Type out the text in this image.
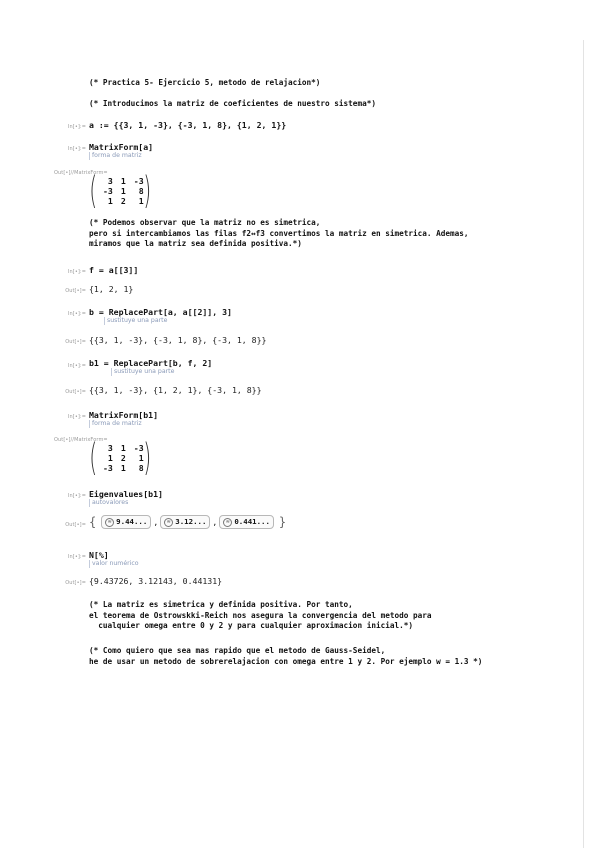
(* Practica 5- Ejercicio 5, metodo de relajacion*)
(* Introducimos la matriz de coeficientes de nuestro sistema*)
In[•]:= a := {{3, 1, -3}, {-3, 1, 8}, {1, 2, 1}}
In[•]:= MatrixForm[a]
forma de matriz
Out[•]//MatrixForm=
( 3	1	-3
-3	1	8
1	2	1 )
(* Podemos observar que la matriz no es simetrica,
pero si intercambiamos las filas f2↔f3 convertimos la matriz en simetrica. Ademas,
miramos que la matriz sea definida positiva.*)
In[•]:= f = a[[3]]
Out[•]= {1, 2, 1}
In[•]:= b = ReplacePart[a, a[[2]], 3]
sustituye una parte
Out[•]= {{3, 1, -3}, {-3, 1, 8}, {-3, 1, 8}}
In[•]:= b1 = ReplacePart[b, f, 2]
sustituye una parte
Out[•]= {{3, 1, -3}, {1, 2, 1}, {-3, 1, 8}}
In[•]:= MatrixForm[b1]
forma de matriz
Out[•]//MatrixForm=
( 3	1	-3
1	2	1
-3	1	8 )
In[•]:= Eigenvalues[b1]
autovalores
Out[•]= { ≈ 9.44... , ≈ 3.12... , ≈ 0.441... }
In[•]:= N[%]
valor numérico
Out[•]= {9.43726, 3.12143, 0.44131}
(* La matriz es simetrica y definida positiva. Por tanto,
el teorema de Ostrowskki-Reich nos asegura la convergencia del metodo para
cualquier omega entre 0 y 2 y para cualquier aproximacion inicial.*)
(* Como quiero que sea mas rapido que el metodo de Gauss-Seidel,
he de usar un metodo de sobrerelajacion con omega entre 1 y 2. Por ejemplo w = 1.3 *)
